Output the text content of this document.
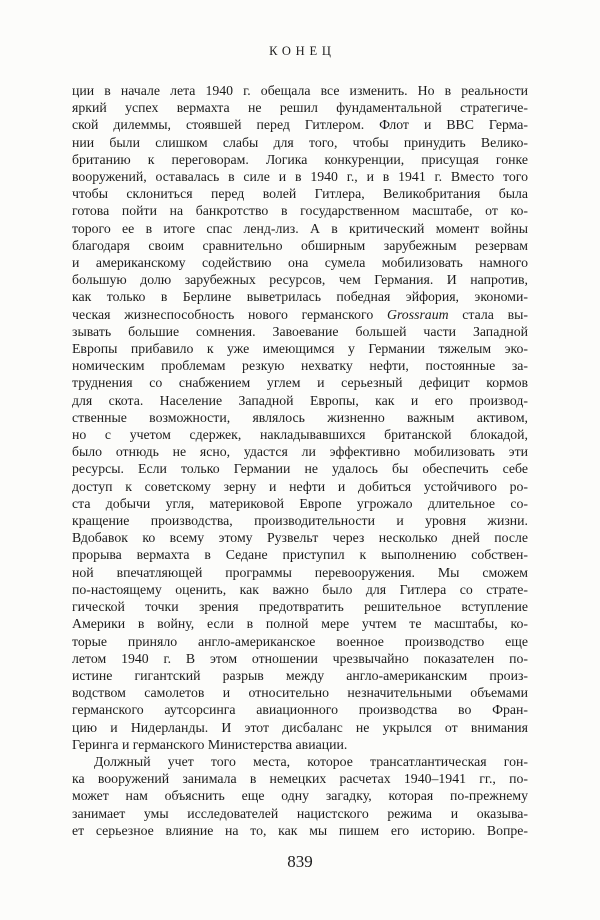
КОНЕЦ
ции в начале лета 1940 г. обещала все изменить. Но в реальности
яркий успех вермахта не решил фундаментальной стратегиче-
ской дилеммы, стоявшей перед Гитлером. Флот и ВВС Герма-
нии были слишком слабы для того, чтобы принудить Велико-
британию к переговорам. Логика конкуренции, присущая гонке
вооружений, оставалась в силе и в 1940 г., и в 1941 г. Вместо того
чтобы склониться перед волей Гитлера, Великобритания была
готова пойти на банкротство в государственном масштабе, от ко-
торого ее в итоге спас ленд-лиз. А в критический момент войны
благодаря своим сравнительно обширным зарубежным резервам
и американскому содействию она сумела мобилизовать намного
большую долю зарубежных ресурсов, чем Германия. И напротив,
как только в Берлине выветрилась победная эйфория, экономи-
ческая жизнеспособность нового германского Grossraum стала вы-
зывать большие сомнения. Завоевание большей части Западной
Европы прибавило к уже имеющимся у Германии тяжелым эко-
номическим проблемам резкую нехватку нефти, постоянные за-
труднения со снабжением углем и серьезный дефицит кормов
для скота. Население Западной Европы, как и его производ-
ственные возможности, являлось жизненно важным активом,
но с учетом сдержек, накладывавшихся британской блокадой,
было отнюдь не ясно, удастся ли эффективно мобилизовать эти
ресурсы. Если только Германии не удалось бы обеспечить себе
доступ к советскому зерну и нефти и добиться устойчивого ро-
ста добычи угля, материковой Европе угрожало длительное со-
кращение производства, производительности и уровня жизни.
Вдобавок ко всему этому Рузвельт через несколько дней после
прорыва вермахта в Седане приступил к выполнению собствен-
ной впечатляющей программы перевооружения. Мы сможем
по-настоящему оценить, как важно было для Гитлера со страте-
гической точки зрения предотвратить решительное вступление
Америки в войну, если в полной мере учтем те масштабы, ко-
торые приняло англо-американское военное производство еще
летом 1940 г. В этом отношении чрезвычайно показателен по-
истине гигантский разрыв между англо-американским произ-
водством самолетов и относительно незначительными объемами
германского аутсорсинга авиационного производства во Фран-
цию и Нидерланды. И этот дисбаланс не укрылся от внимания
Геринга и германского Министерства авиации.
Должный учет того места, которое трансатлантическая гон-
ка вооружений занимала в немецких расчетах 1940–1941 гг., по-
может нам объяснить еще одну загадку, которая по-прежнему
занимает умы исследователей нацистского режима и оказыва-
ет серьезное влияние на то, как мы пишем его историю. Вопре-
839
